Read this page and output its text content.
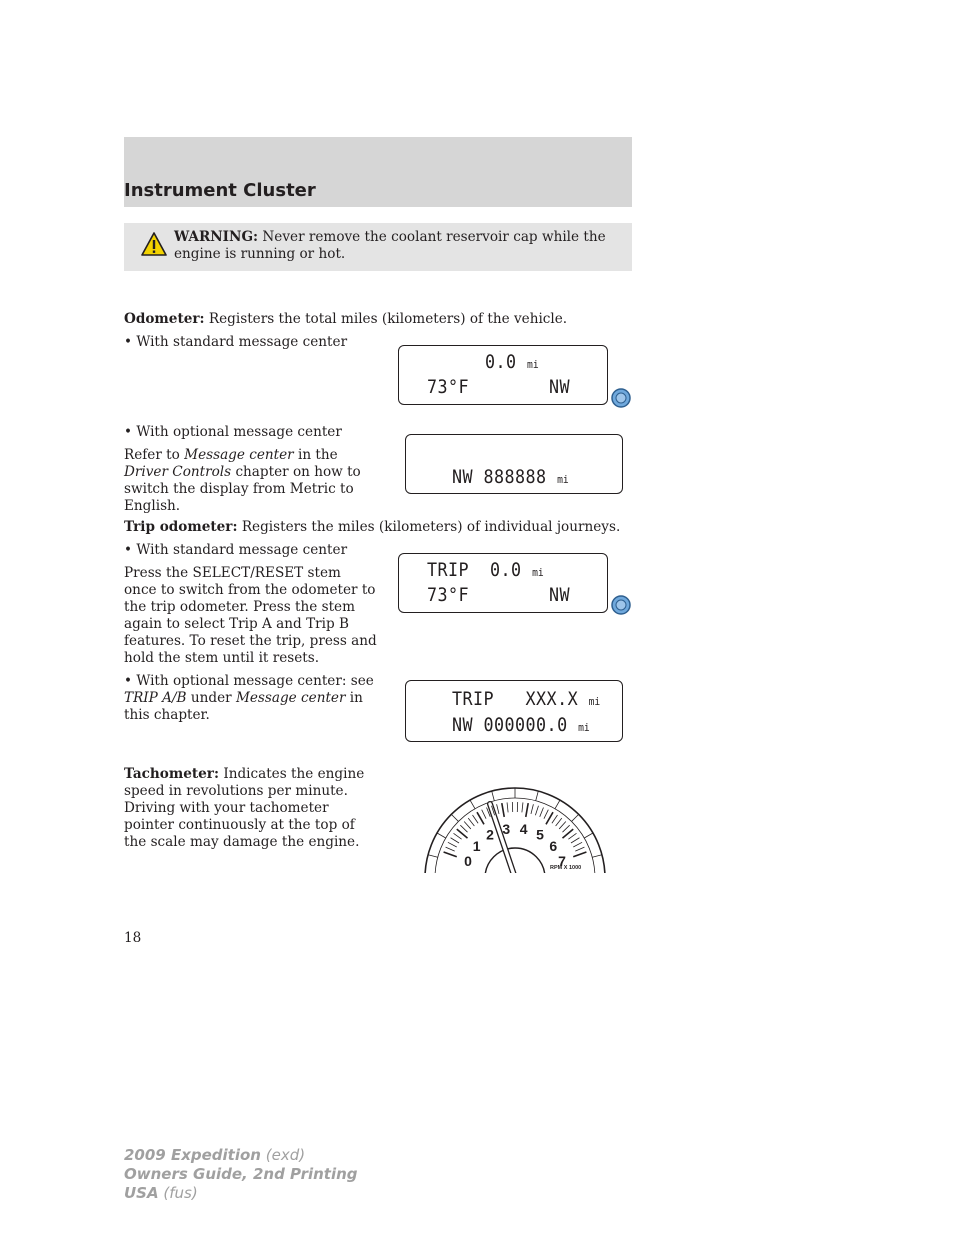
Instrument Cluster
WARNING: Never remove the coolant reservoir cap while the
engine is running or hot.

Odometer: Registers the total miles (kilometers) of the vehicle.

• With standard message center

0.0 mi
73°F	NW

• With optional message center

Refer to Message center in the
Driver Controls chapter on how to
switch the display from Metric to
English.

NW 888888 mi

Trip odometer: Registers the miles (kilometers) of individual journeys.

• With standard message center

Press the SELECT/RESET stem
once to switch from the odometer to
the trip odometer. Press the stem
again to select Trip A and Trip B
features. To reset the trip, press and
hold the stem until it resets.

TRIP  0.0 mi
73°F	NW

• With optional message center: see
TRIP A/B under Message center in
this chapter.

TRIP   XXX.X mi
NW 000000.0 mi

Tachometer: Indicates the engine
speed in revolutions per minute.
Driving with your tachometer
pointer continuously at the top of
the scale may damage the engine.

RPM X 1000
0
1
2 3 4 5
6
7
18
2009 Expedition (exd)
Owners Guide, 2nd Printing
USA (fus)
